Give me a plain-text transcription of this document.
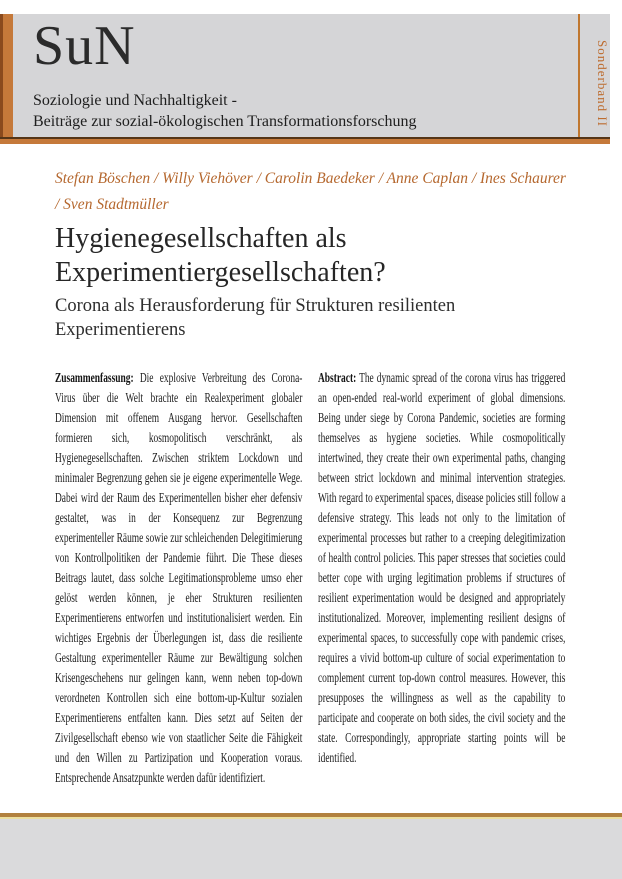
SuN
Soziologie und Nachhaltigkeit -
Beiträge zur sozial-ökologischen Transformationsforschung	Sonderband II
Stefan Böschen / Willy Viehöver / Carolin Baedeker / Anne Caplan / Ines Schaurer / Sven Stadtmüller
Hygienegesellschaften als Experimentiergesellschaften?
Corona als Herausforderung für Strukturen resilienten Experimentierens
Zusammenfassung: Die explosive Verbreitung des Corona-Virus über die Welt brachte ein Realexperiment globaler Dimension mit offenem Ausgang hervor. Gesellschaften formieren sich, kosmopolitisch verschränkt, als Hygienegesellschaften. Zwischen striktem Lockdown und minimaler Begrenzung gehen sie je eigene experimentelle Wege. Dabei wird der Raum des Experimentellen bisher eher defensiv gestaltet, was in der Konsequenz zur Begrenzung experimenteller Räume sowie zur schleichenden Delegitimierung von Kontrollpolitiken der Pandemie führt. Die These dieses Beitrags lautet, dass solche Legitimationsprobleme umso eher gelöst werden können, je eher Strukturen resilienten Experimentierens entworfen und institutionalisiert werden. Ein wichtiges Ergebnis der Überlegungen ist, dass die resiliente Gestaltung experimenteller Räume zur Bewältigung solchen Krisengeschehens nur gelingen kann, wenn neben top-down verordneten Kontrollen sich eine bottom-up-Kultur sozialen Experimentierens entfalten kann. Dies setzt auf Seiten der Zivilgesellschaft ebenso wie von staatlicher Seite die Fähigkeit und den Willen zu Partizipation und Kooperation voraus. Entsprechende Ansatzpunkte werden dafür identifiziert.
Abstract: The dynamic spread of the corona virus has triggered an open-ended real-world experiment of global dimensions. Being under siege by Corona Pandemic, societies are forming themselves as hygiene societies. While cosmopolitically intertwined, they create their own experimental paths, changing between strict lockdown and minimal intervention strategies. With regard to experimental spaces, disease policies still follow a defensive strategy. This leads not only to the limitation of experimental processes but rather to a creeping delegitimization of health control policies. This paper stresses that societies could better cope with urging legitimation problems if structures of resilient experimentation would be designed and appropriately institutionalized. Moreover, implementing resilient designs of experimental spaces, to successfully cope with pandemic crises, requires a vivid bottom-up culture of social experimentation to complement current top-down control measures. However, this presupposes the willingness as well as the capability to participate and cooperate on both sides, the civil society and the state. Correspondingly, appropriate starting points will be identified.
